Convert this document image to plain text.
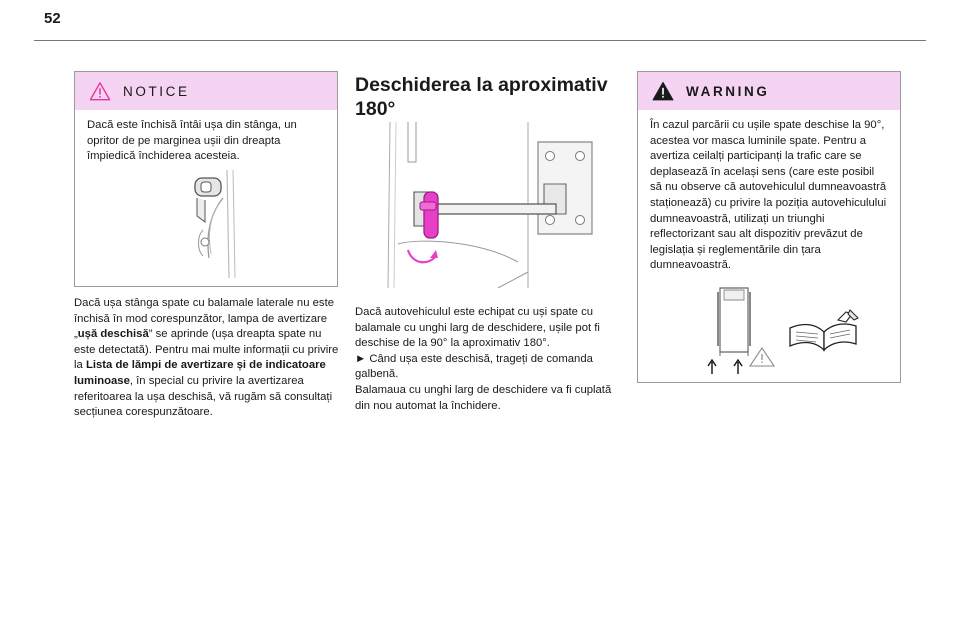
52
NOTICE
Dacă este închisă întâi ușa din stânga, un opritor de pe marginea ușii din dreapta împiedică închiderea acesteia.
Dacă ușa stânga spate cu balamale laterale nu este închisă în mod corespunzător, lampa de avertizare „ușă deschisă” se aprinde (ușa dreapta spate nu este detectată). Pentru mai multe informații cu privire la Lista de lămpi de avertizare și de indicatoare luminoase, în special cu privire la avertizarea referitoarea la ușa deschisă, vă rugăm să consultați secțiunea corespunzătoare.
Deschiderea la aproximativ 180°
Dacă autovehiculul este echipat cu uși spate cu balamale cu unghi larg de deschidere, ușile pot fi deschise de la 90° la aproximativ 180°.
► Când ușa este deschisă, trageți de comanda galbenă.
Balamaua cu unghi larg de deschidere va fi cuplată din nou automat la închidere.
WARNING
În cazul parcării cu ușile spate deschise la 90°, acestea vor masca luminile spate. Pentru a avertiza ceilalți participanți la trafic care se deplasează în același sens (care este posibil să nu observe că autovehiculul dumneavoastră staționează) cu privire la poziția autovehiculului dumneavoastră, utilizați un triunghi reflectorizant sau alt dispozitiv prevăzut de legislația și reglementările din țara dumneavoastră.
